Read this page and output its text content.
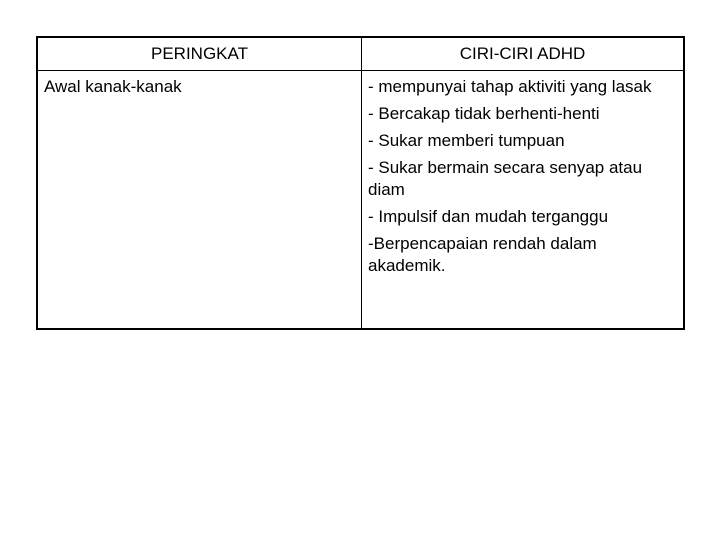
PERINGKAT	CIRI-CIRI ADHD
Awal kanak-kanak	- mempunyai tahap aktiviti yang lasak
- Bercakap tidak berhenti-henti
- Sukar memberi tumpuan
- Sukar bermain secara senyap atau diam
- Impulsif dan mudah terganggu
-Berpencapaian rendah dalam akademik.
